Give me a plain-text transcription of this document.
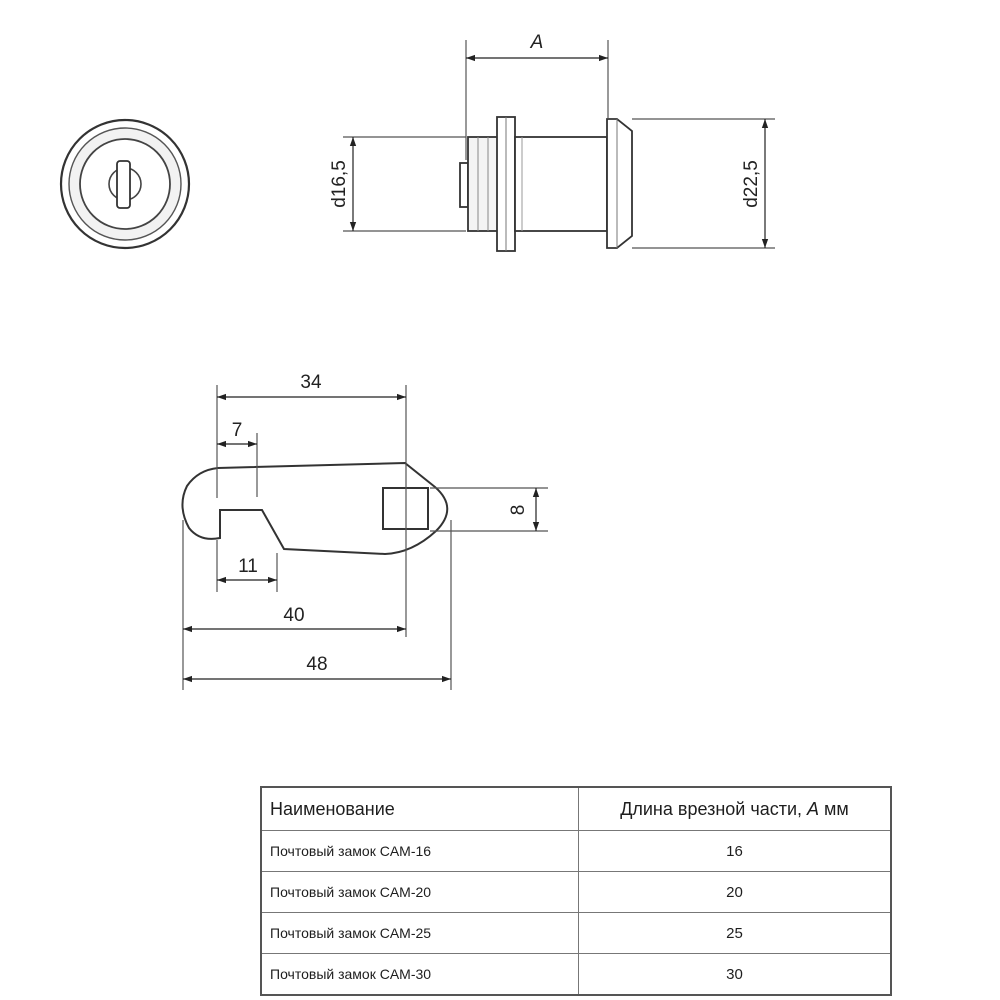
A
d16,5	d22,5
34
7
8
11
40
48
Наименование	Длина врезной части, A мм
Почтовый замок CAM-16	16
Почтовый замок CAM-20	20
Почтовый замок CAM-25	25
Почтовый замок CAM-30	30
